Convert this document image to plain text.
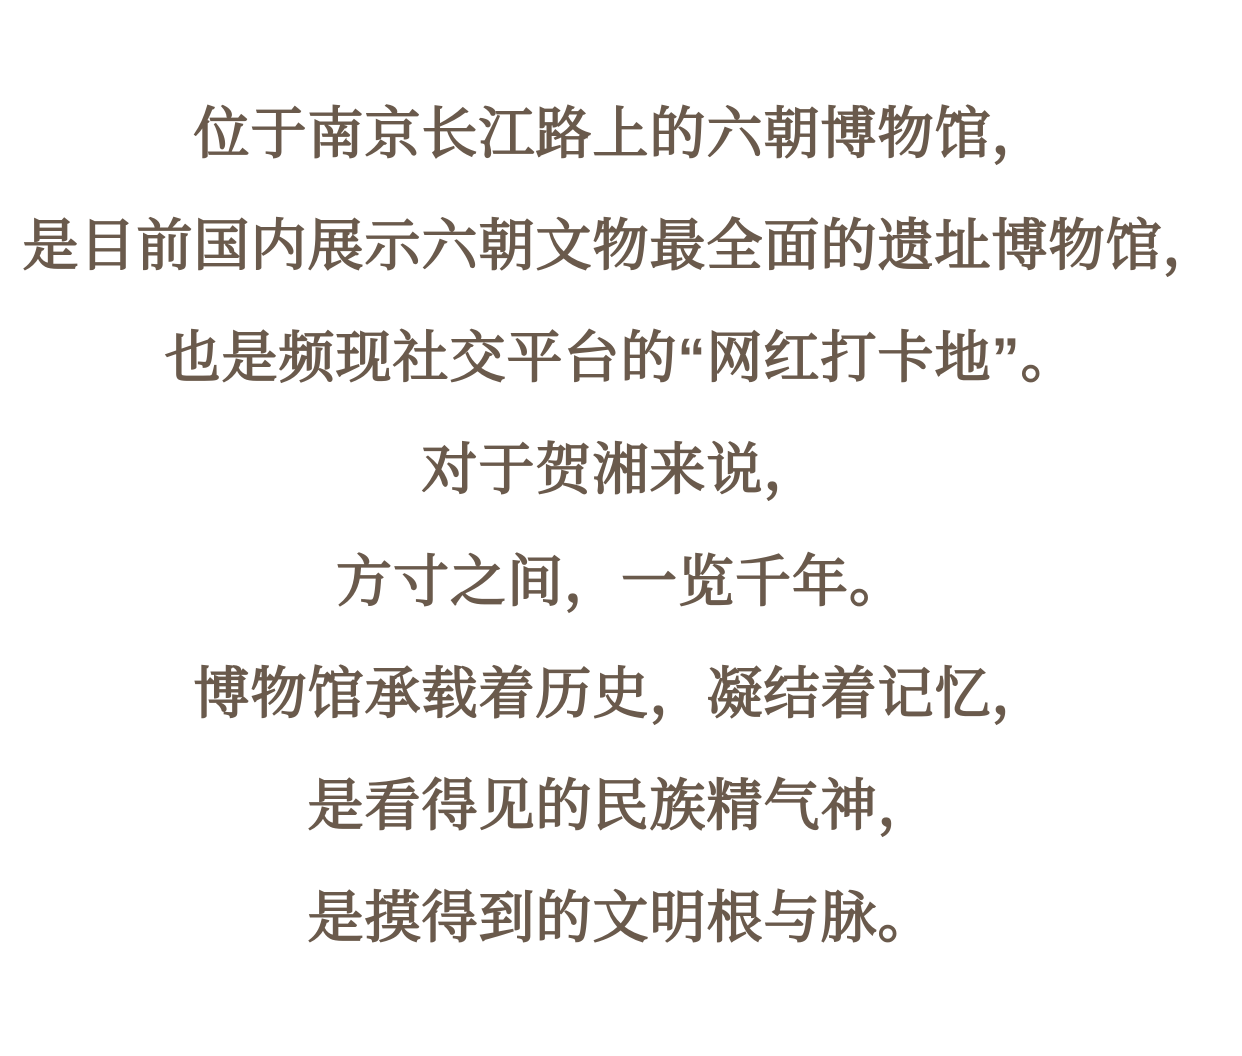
位于南京长江路上的六朝博物馆，
是目前国内展示六朝文物最全面的遗址博物馆，
也是频现社交平台的“网红打卡地”。
对于贺湘来说，
方寸之间，一览千年。
博物馆承载着历史，凝结着记忆，
是看得见的民族精气神，
是摸得到的文明根与脉。
